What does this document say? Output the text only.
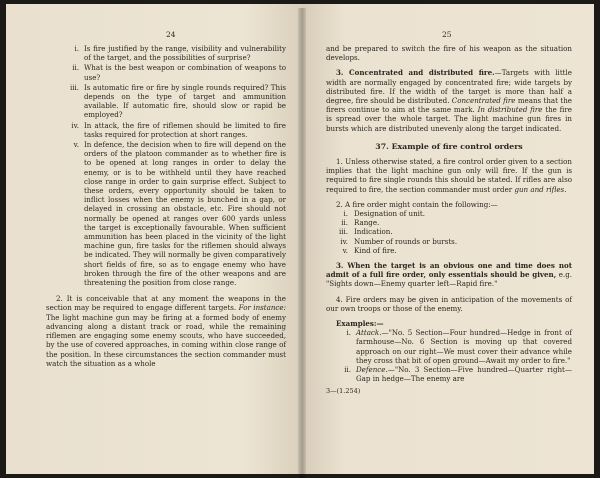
24
i. Is fire justified by the range, visibility and vulnerability of the target, and the possibilities of surprise?
ii. What is the best weapon or combination of weapons to use?
iii. Is automatic fire or fire by single rounds required? This depends on the type of target and ammunition available. If automatic fire, should slow or rapid be employed?
iv. In attack, the fire of riflemen should be limited to fire tasks required for protection at short ranges.
v. In defence, the decision when to fire will depend on the orders of the platoon commander as to whether fire is to be opened at long ranges in order to delay the enemy, or is to be withheld until they have reached close range in order to gain surprise effect. Subject to these orders, every opportunity should be taken to inflict losses when the enemy is bunched in a gap, or delayed in crossing an obstacle, etc. Fire should not normally be opened at ranges over 600 yards unless the target is exceptionally favourable. When sufficient ammunition has been placed in the vicinity of the light machine gun, fire tasks for the riflemen should always be indicated. They will normally be given comparatively short fields of fire, so as to engage enemy who have broken through the fire of the other weapons and are threatening the position from close range.

2. It is conceivable that at any moment the weapons in the section may be required to engage different targets. For instance: The light machine gun may be firing at a formed body of enemy advancing along a distant track or road, while the remaining riflemen are engaging some enemy scouts, who have succeeded, by the use of covered approaches, in coming within close range of the position. In these circumstances the section commander must watch the situation as a whole

25

and be prepared to switch the fire of his weapon as the situation develops.

3. Concentrated and distributed fire.—Targets with little width are normally engaged by concentrated fire; wide targets by distributed fire. If the width of the target is more than half a degree, fire should be distributed. Concentrated fire means that the firers continue to aim at the same mark. In distributed fire the fire is spread over the whole target. The light machine gun fires in bursts which are distributed unevenly along the target indicated.

37. Example of fire control orders

1. Unless otherwise stated, a fire control order given to a section implies that the light machine gun only will fire. If the gun is required to fire single rounds this should be stated. If rifles are also required to fire, the section commander must order gun and rifles.

2. A fire order might contain the following:—

i. Designation of unit.
ii. Range.
iii. Indication.
iv. Number of rounds or bursts.
v. Kind of fire.

3. When the target is an obvious one and time does not admit of a full fire order, only essentials should be given, e.g. "Sights down—Enemy quarter left—Rapid fire."

4. Fire orders may be given in anticipation of the movements of our own troops or those of the enemy.

Examples:—

i. Attack.—"No. 5 Section—Four hundred—Hedge in front of farmhouse—No. 6 Section is moving up that covered approach on our right—We must cover their advance while they cross that bit of open ground—Await my order to fire."
ii. Defence.—"No. 3 Section—Five hundred—Quarter right—Gap in hedge—The enemy are
3—(1.254)
